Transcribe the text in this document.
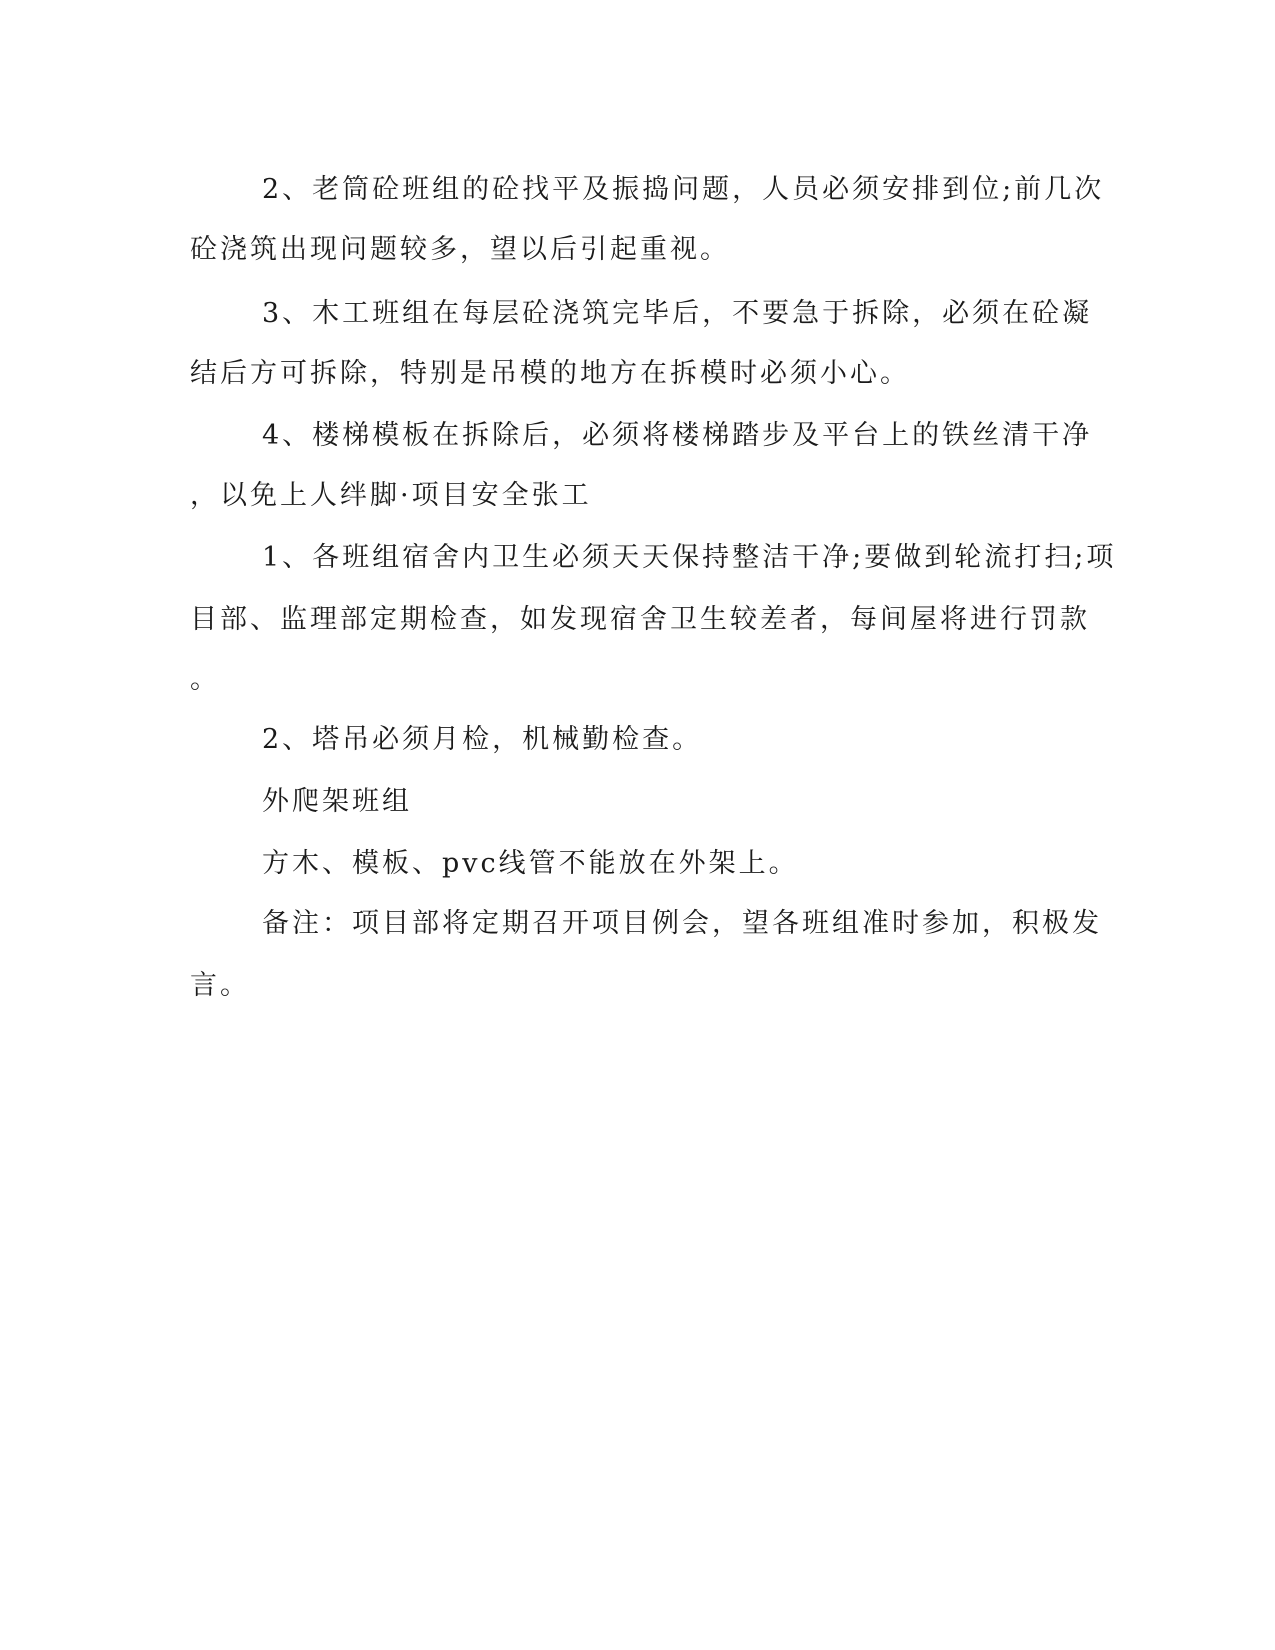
2、老筒砼班组的砼找平及振捣问题，人员必须安排到位;前几次
砼浇筑出现问题较多，望以后引起重视。
3、木工班组在每层砼浇筑完毕后，不要急于拆除，必须在砼凝
结后方可拆除，特别是吊模的地方在拆模时必须小心。
4、楼梯模板在拆除后，必须将楼梯踏步及平台上的铁丝清干净
，以免上人绊脚·项目安全张工
1、各班组宿舍内卫生必须天天保持整洁干净;要做到轮流打扫;项
目部、监理部定期检查，如发现宿舍卫生较差者，每间屋将进行罚款
。
2、塔吊必须月检，机械勤检查。
外爬架班组
方木、模板、pvc线管不能放在外架上。
备注：项目部将定期召开项目例会，望各班组准时参加，积极发
言。
